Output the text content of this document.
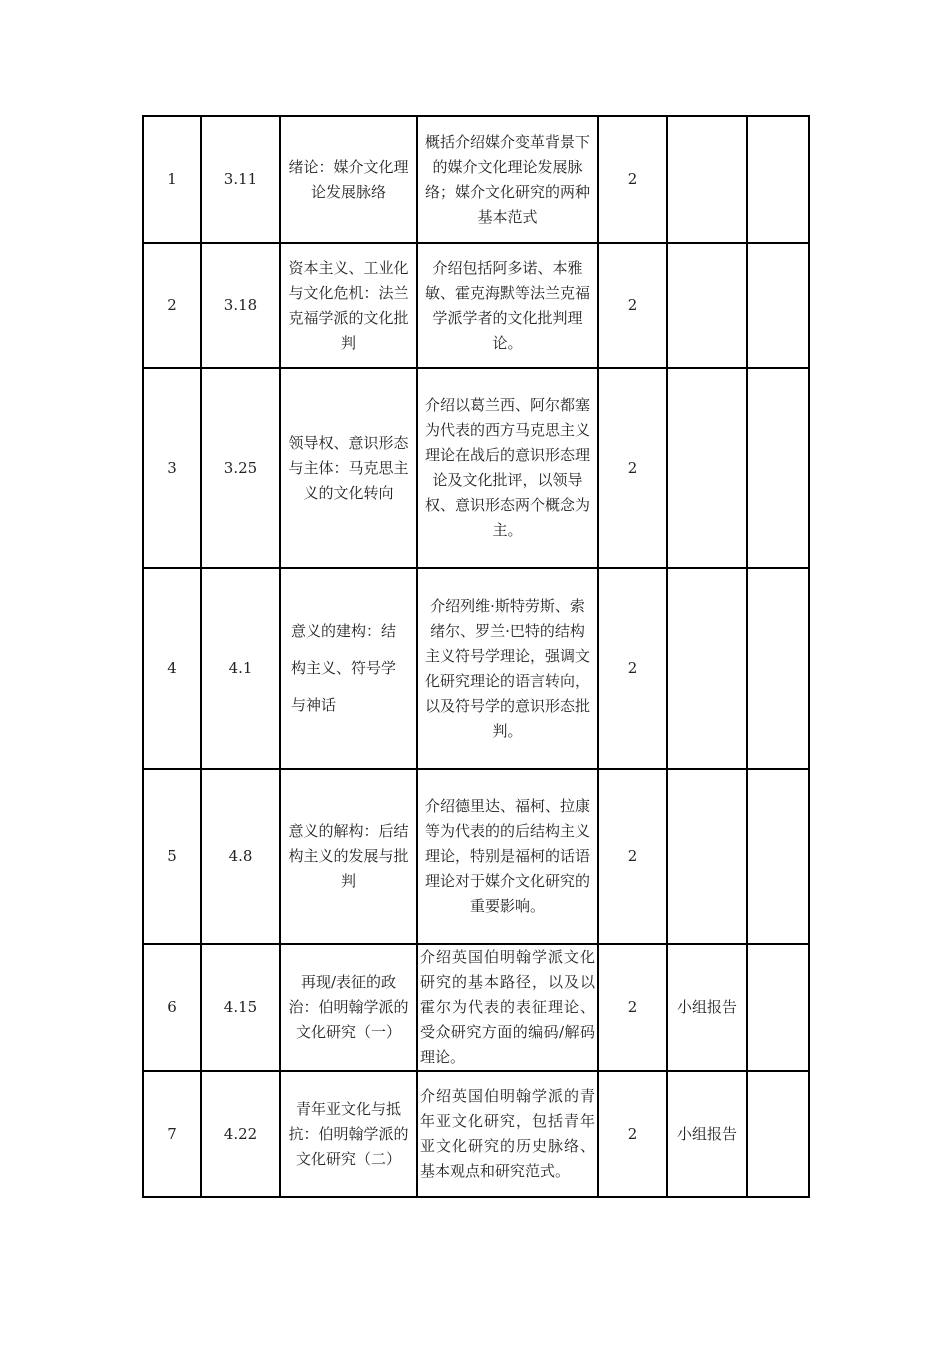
1	3.11	绪论：媒介文化理论发展脉络	概括介绍媒介变革背景下的媒介文化理论发展脉络；媒介文化研究的两种基本范式	2		
2	3.18	资本主义、工业化与文化危机：法兰克福学派的文化批判	介绍包括阿多诺、本雅敏、霍克海默等法兰克福学派学者的文化批判理论。	2		
3	3.25	领导权、意识形态与主体：马克思主义的文化转向	介绍以葛兰西、阿尔都塞为代表的西方马克思主义理论在战后的意识形态理论及文化批评，以领导权、意识形态两个概念为主。	2		
4	4.1	意义的建构：结构主义、符号学与神话	介绍列维·斯特劳斯、索绪尔、罗兰·巴特的结构主义符号学理论，强调文化研究理论的语言转向，以及符号学的意识形态批判。	2		
5	4.8	意义的解构：后结构主义的发展与批判	介绍德里达、福柯、拉康等为代表的的后结构主义理论，特别是福柯的话语理论对于媒介文化研究的重要影响。	2		
6	4.15	再现/表征的政治：伯明翰学派的文化研究（一）	介绍英国伯明翰学派文化研究的基本路径，以及以霍尔为代表的表征理论、受众研究方面的编码/解码理论。	2	小组报告	
7	4.22	青年亚文化与抵抗：伯明翰学派的文化研究（二）	介绍英国伯明翰学派的青年亚文化研究，包括青年亚文化研究的历史脉络、基本观点和研究范式。	2	小组报告	
